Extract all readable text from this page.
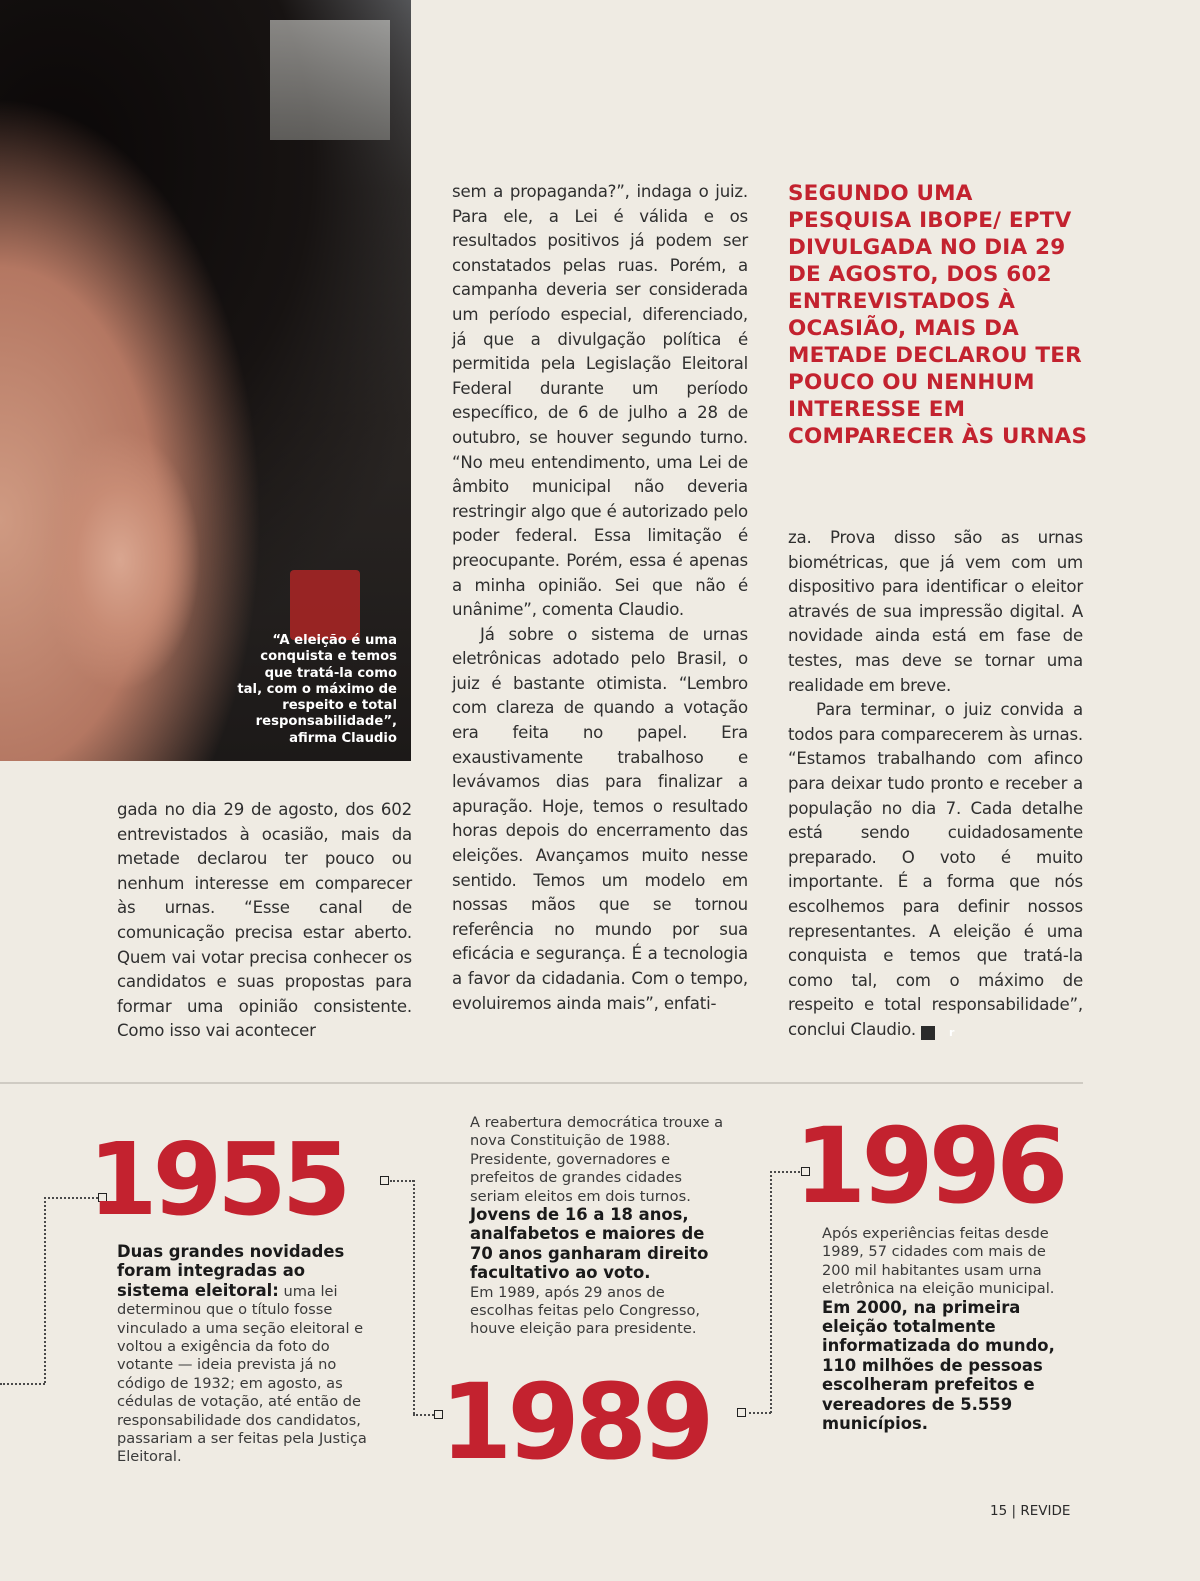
“A eleição é uma conquista e temos que tratá-la como tal, com o máximo de respeito e total responsabilidade”, afirma Claudio

gada no dia 29 de agosto, dos 602 entrevistados à ocasião, mais da metade declarou ter pouco ou nenhum interesse em comparecer às urnas. “Esse canal de comunicação precisa estar aberto. Quem vai votar precisa conhecer os candidatos e suas propostas para formar uma opinião consistente. Como isso vai acontecer

sem a propaganda?”, indaga o juiz. Para ele, a Lei é válida e os resultados positivos já podem ser constatados pelas ruas. Porém, a campanha deveria ser considerada um período especial, diferenciado, já que a divulgação política é permitida pela Legislação Eleitoral Federal durante um período específico, de 6 de julho a 28 de outubro, se houver segundo turno. “No meu entendimento, uma Lei de âmbito municipal não deveria restringir algo que é autorizado pelo poder federal. Essa limitação é preocupante. Porém, essa é apenas a minha opinião. Sei que não é unânime”, comenta Claudio.

Já sobre o sistema de urnas eletrônicas adotado pelo Brasil, o juiz é bastante otimista. “Lembro com clareza de quando a votação era feita no papel. Era exaustivamente trabalhoso e levávamos dias para finalizar a apuração. Hoje, temos o resultado horas depois do encerramento das eleições. Avançamos muito nesse sentido. Temos um modelo em nossas mãos que se tornou referência no mundo por sua eficácia e segurança. É a tecnologia a favor da cidadania. Com o tempo, evoluiremos ainda mais”, enfati-

SEGUNDO UMA PESQUISA IBOPE/ EPTV DIVULGADA NO DIA 29 DE AGOSTO, DOS 602 ENTREVISTADOS À OCASIÃO, MAIS DA METADE DECLAROU TER POUCO OU NENHUM INTERESSE EM COMPARECER ÀS URNAS

za. Prova disso são as urnas biométricas, que já vem com um dispositivo para identificar o eleitor através de sua impressão digital. A novidade ainda está em fase de testes, mas deve se tornar uma realidade em breve.

Para terminar, o juiz convida a todos para comparecerem às urnas. “Estamos trabalhando com afinco para deixar tudo pronto e receber a população no dia 7. Cada detalhe está sendo cuidadosamente preparado. O voto é muito importante. É a forma que nós escolhemos para definir nossos representantes. A eleição é uma conquista e temos que tratá-la como tal, com o máximo de respeito e total responsabilidade”, conclui Claudio.	r

1955

Duas grandes novidades foram integradas ao sistema eleitoral: uma lei determinou que o título fosse vinculado a uma seção eleitoral e voltou a exigência da foto do votante — ideia prevista já no código de 1932; em agosto, as cédulas de votação, até então de responsabilidade dos candidatos, passariam a ser feitas pela Justiça Eleitoral.

A reabertura democrática trouxe a nova Constituição de 1988. Presidente, governadores e prefeitos de grandes cidades seriam eleitos em dois turnos.
Jovens de 16 a 18 anos, analfabetos e maiores de 70 anos ganharam direito facultativo ao voto.
Em 1989, após 29 anos de escolhas feitas pelo Congresso, houve eleição para presidente.

1989

1996

Após experiências feitas desde 1989, 57 cidades com mais de 200 mil habitantes usam urna eletrônica na eleição municipal.
Em 2000, na primeira eleição totalmente informatizada do mundo, 110 milhões de pessoas escolheram prefeitos e vereadores de 5.559 municípios.

15 | REVIDE
